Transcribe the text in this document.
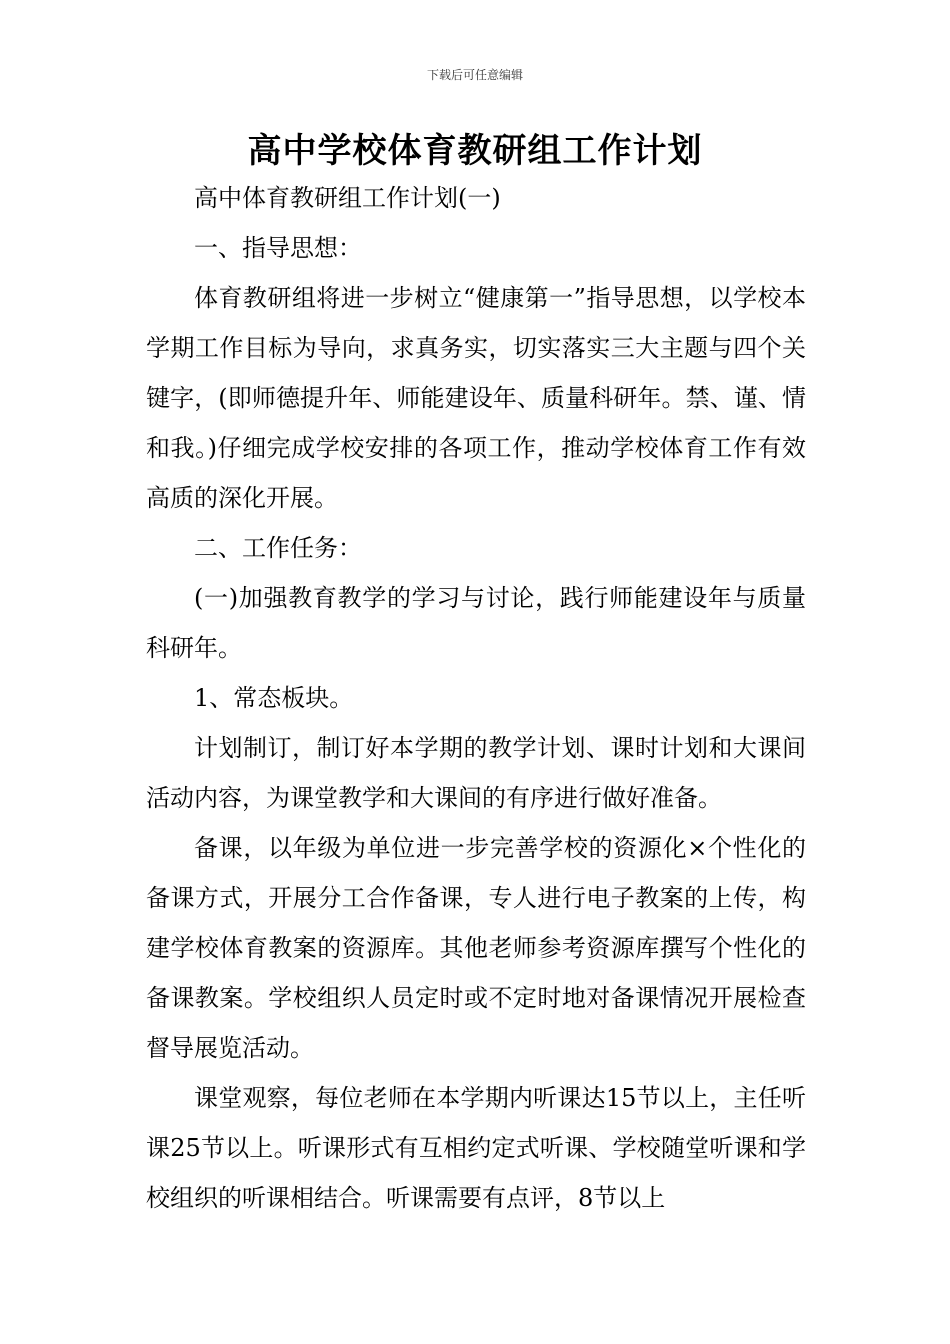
下载后可任意编辑
高中学校体育教研组工作计划

高中体育教研组工作计划(一)

一、指导思想：

体育教研组将进一步树立“健康第一”指导思想，以学校本学期工作目标为导向，求真务实，切实落实三大主题与四个关键字，(即师德提升年、师能建设年、质量科研年。禁、谨、情和我。)仔细完成学校安排的各项工作，推动学校体育工作有效高质的深化开展。

二、工作任务：

(一)加强教育教学的学习与讨论，践行师能建设年与质量科研年。

1、常态板块。

计划制订，制订好本学期的教学计划、课时计划和大课间活动内容，为课堂教学和大课间的有序进行做好准备。

备课，以年级为单位进一步完善学校的资源化×个性化的备课方式，开展分工合作备课，专人进行电子教案的上传，构建学校体育教案的资源库。其他老师参考资源库撰写个性化的备课教案。学校组织人员定时或不定时地对备课情况开展检查督导展览活动。

课堂观察，每位老师在本学期内听课达15节以上，主任听课25节以上。听课形式有互相约定式听课、学校随堂听课和学校组织的听课相结合。听课需要有点评，8节以上
